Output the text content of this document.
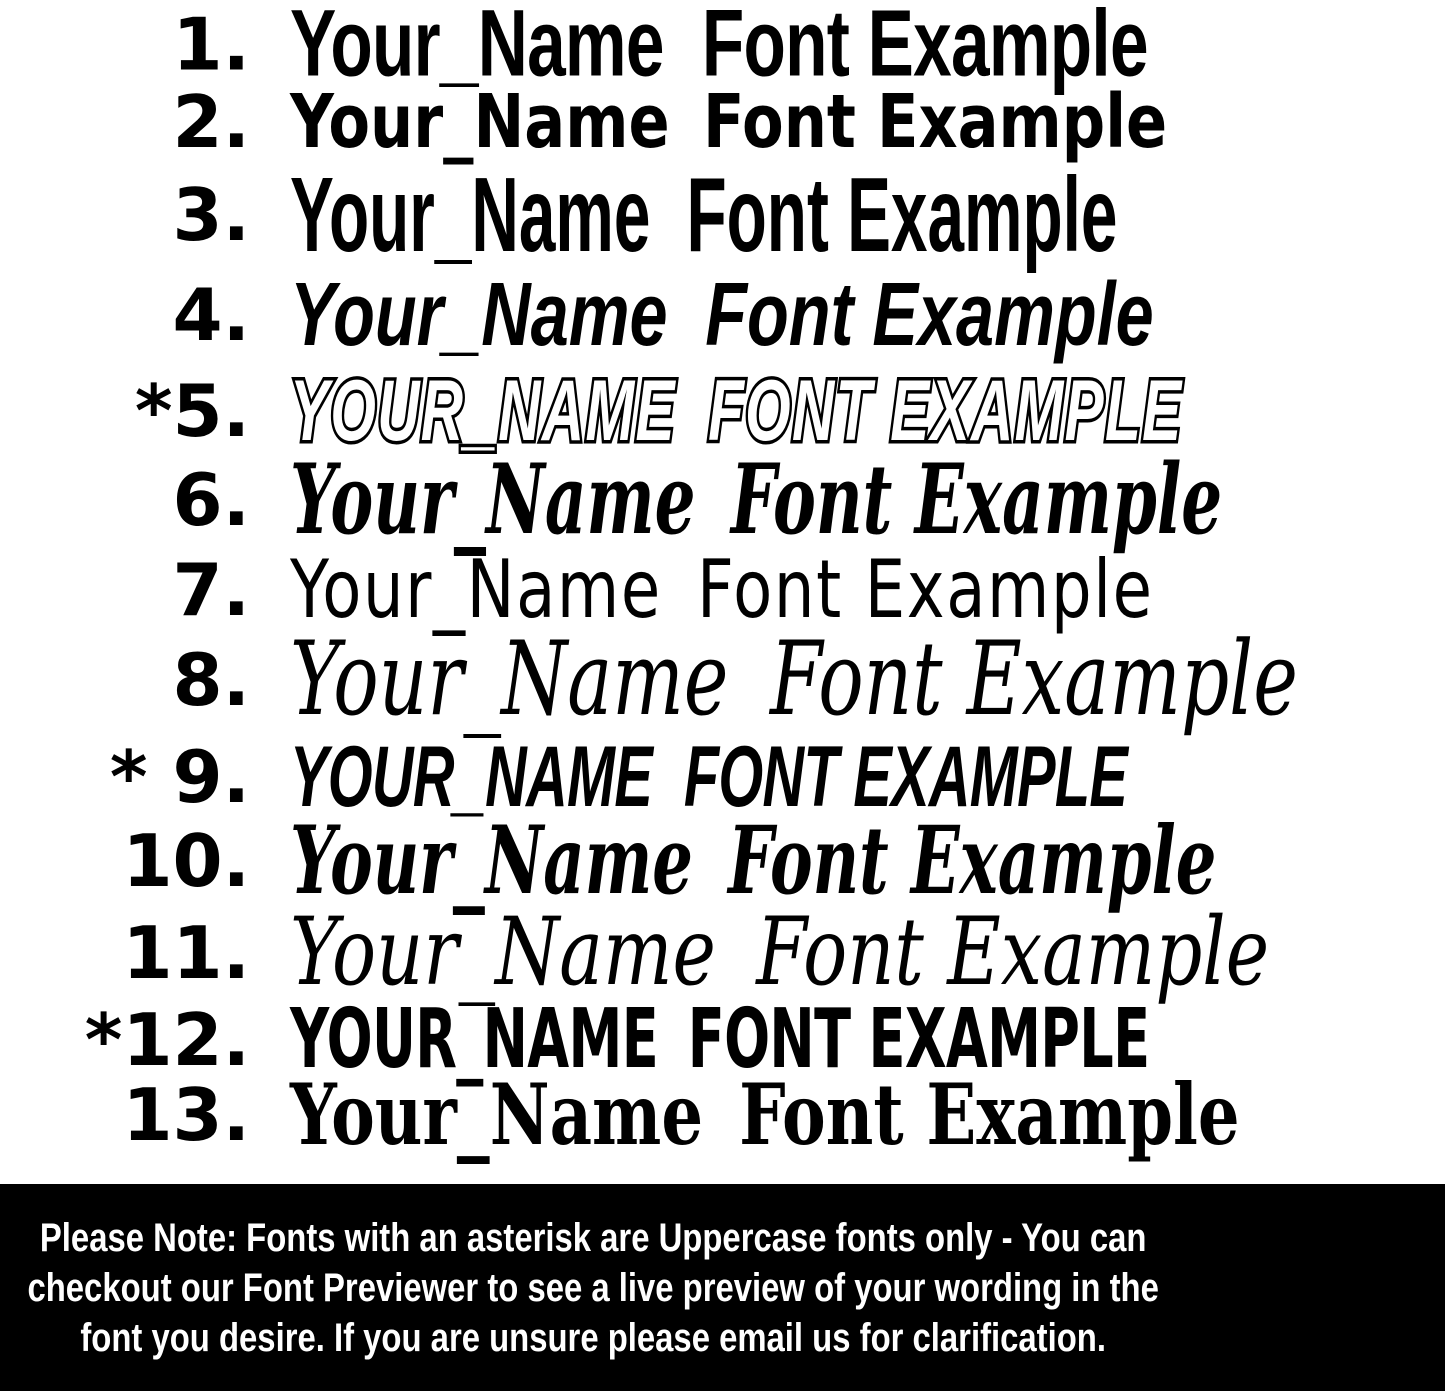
1. Your_Name Font Example
2. Your_Name Font Example
3. Your_Name Font Example
4. Your_Name Font Example
*5. YOUR_NAME FONT EXAMPLE
6. Your_Name Font Example
7. Your_Name Font Example
8. Your_Name Font Example
* 9. YOUR_NAME FONT EXAMPLE
10. Your_Name Font Example
11. Your_Name Font Example
*12. YOUR_NAME FONT EXAMPLE
13. Your_Name Font Example
Please Note: Fonts with an asterisk are Uppercase fonts only - You can checkout our Font Previewer to see a live preview of your wording in the font you desire. If you are unsure please email us for clarification.
